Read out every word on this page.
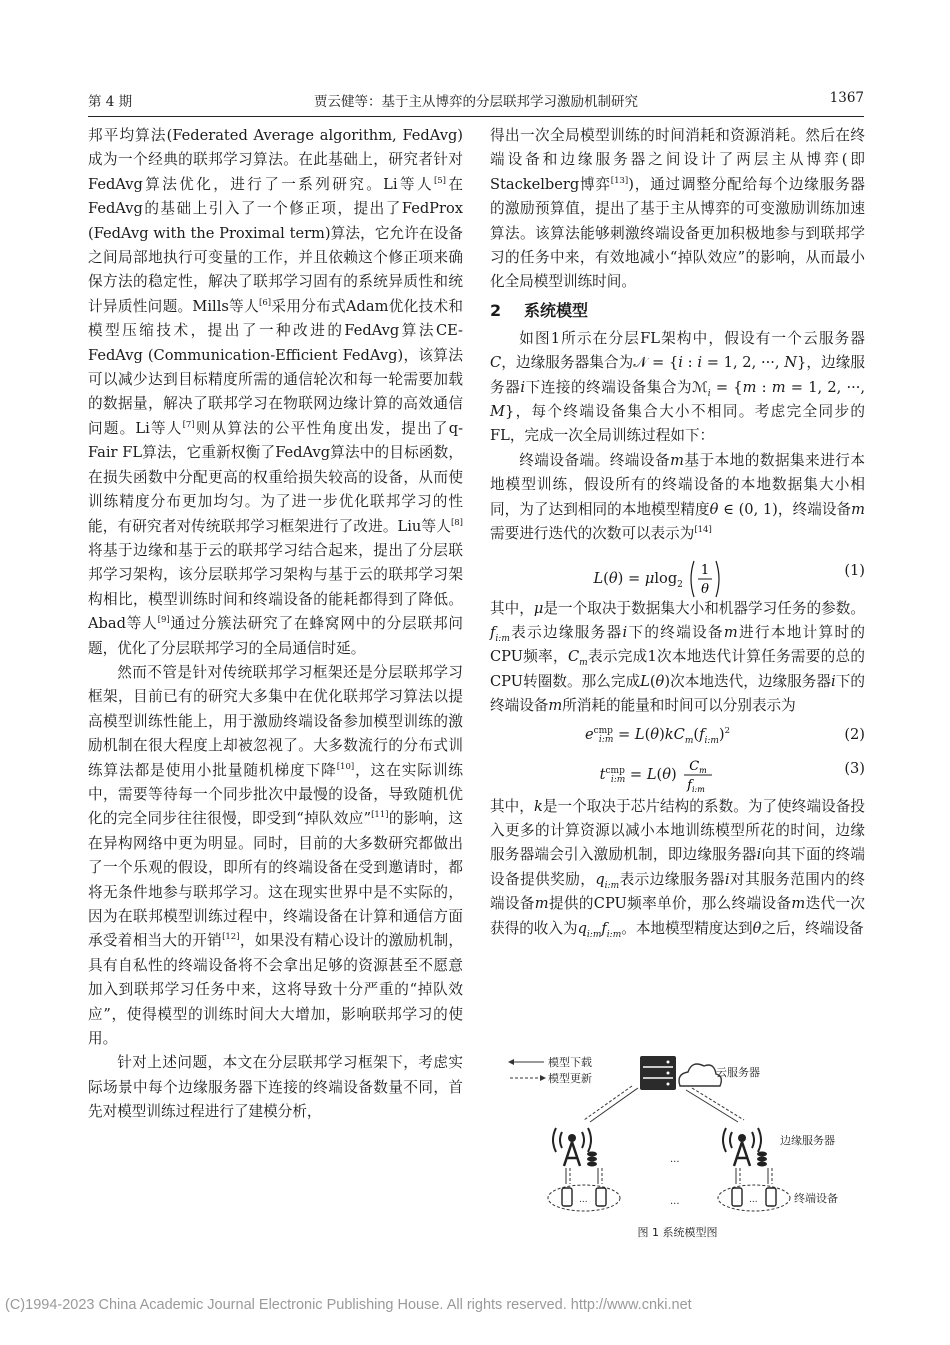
第 4 期	贾云健等：基于主从博弈的分层联邦学习激励机制研究	1367

邦平均算法(Federated Average algorithm, FedAvg)成为一个经典的联邦学习算法。在此基础上，研究者针对FedAvg算法优化，进行了一系列研究。Li等人[5]在FedAvg的基础上引入了一个修正项，提出了FedProx (FedAvg with the Proximal term)算法，它允许在设备之间局部地执行可变量的工作，并且依赖这个修正项来确保方法的稳定性，解决了联邦学习固有的系统异质性和统计异质性问题。Mills等人[6]采用分布式Adam优化技术和模型压缩技术，提出了一种改进的FedAvg算法CE-FedAvg (Communication-Efficient FedAvg)，该算法可以减少达到目标精度所需的通信轮次和每一轮需要加载的数据量，解决了联邦学习在物联网边缘计算的高效通信问题。Li等人[7]则从算法的公平性角度出发，提出了q-Fair FL算法，它重新权衡了FedAvg算法中的目标函数，在损失函数中分配更高的权重给损失较高的设备，从而使训练精度分布更加均匀。为了进一步优化联邦学习的性能，有研究者对传统联邦学习框架进行了改进。Liu等人[8]将基于边缘和基于云的联邦学习结合起来，提出了分层联邦学习架构，该分层联邦学习架构与基于云的联邦学习架构相比，模型训练时间和终端设备的能耗都得到了降低。Abad等人[9]通过分簇法研究了在蜂窝网中的分层联邦问题，优化了分层联邦学习的全局通信时延。

然而不管是针对传统联邦学习框架还是分层联邦学习框架，目前已有的研究大多集中在优化联邦学习算法以提高模型训练性能上，用于激励终端设备参加模型训练的激励机制在很大程度上却被忽视了。大多数流行的分布式训练算法都是使用小批量随机梯度下降[10]，这在实际训练中，需要等待每一个同步批次中最慢的设备，导致随机优化的完全同步往往很慢，即受到“掉队效应”[11]的影响，这在异构网络中更为明显。同时，目前的大多数研究都做出了一个乐观的假设，即所有的终端设备在受到邀请时，都将无条件地参与联邦学习。这在现实世界中是不实际的，因为在联邦模型训练过程中，终端设备在计算和通信方面承受着相当大的开销[12]，如果没有精心设计的激励机制，具有自私性的终端设备将不会拿出足够的资源甚至不愿意加入到联邦学习任务中来，这将导致十分严重的“掉队效应”，使得模型的训练时间大大增加，影响联邦学习的使用。

针对上述问题，本文在分层联邦学习框架下，考虑实际场景中每个边缘服务器下连接的终端设备数量不同，首先对模型训练过程进行了建模分析，

得出一次全局模型训练的时间消耗和资源消耗。然后在终端设备和边缘服务器之间设计了两层主从博弈(即Stackelberg博弈[13])，通过调整分配给每个边缘服务器的激励预算值，提出了基于主从博弈的可变激励训练加速算法。该算法能够刺激终端设备更加积极地参与到联邦学习的任务中来，有效地减小“掉队效应”的影响，从而最小化全局模型训练时间。

2 系统模型

如图1所示在分层FL架构中，假设有一个云服务器C，边缘服务器集合为𝒩 = {i : i = 1, 2, ···, N}，边缘服务器i下连接的终端设备集合为ℳ$_i$ = {m : m = 1, 2, ···, M}，每个终端设备集合大小不相同。考虑完全同步的FL，完成一次全局训练过程如下：

终端设备端。终端设备m基于本地的数据集来进行本地模型训练，假设所有的终端设备的本地数据集大小相同，为了达到相同的本地模型精度θ ∈ (0, 1)，终端设备m需要进行迭代的次数可以表示为[14]

L(θ) = μlog$_2$
1
θ
(1)

其中，μ是一个取决于数据集大小和机器学习任务的参数。$f_{i:m}$表示边缘服务器i下的终端设备m进行本地计算时的CPU频率，$C_m$表示完成1次本地迭代计算任务需要的总的CPU转圈数。那么完成L(θ)次本地迭代，边缘服务器i下的终端设备m所消耗的能量和时间可以分别表示为

$e^{cmp}_{i:m} = L(\theta)kC_m(f_{i:m})^2$	(2)
$t^{cmp}_{i:m} = L(\theta)$ $C_m$
$f_{i:m}$
(3)

其中，k是一个取决于芯片结构的系数。为了使终端设备投入更多的计算资源以减小本地训练模型所花的时间，边缘服务器端会引入激励机制，即边缘服务器i向其下面的终端设备提供奖励，$q_{i:m}$表示边缘服务器i对其服务范围内的终端设备m提供的CPU频率单价，那么终端设备m迭代一次获得的收入为$q_{i:m}f_{i:m}$。本地模型精度达到θ之后，终端设备

模型下载
模型更新	云服务器
...
边缘服务器
...	...	...	终端设备
图 1 系统模型图
(C)1994-2023 China Academic Journal Electronic Publishing House. All rights reserved. http://www.cnki.net
